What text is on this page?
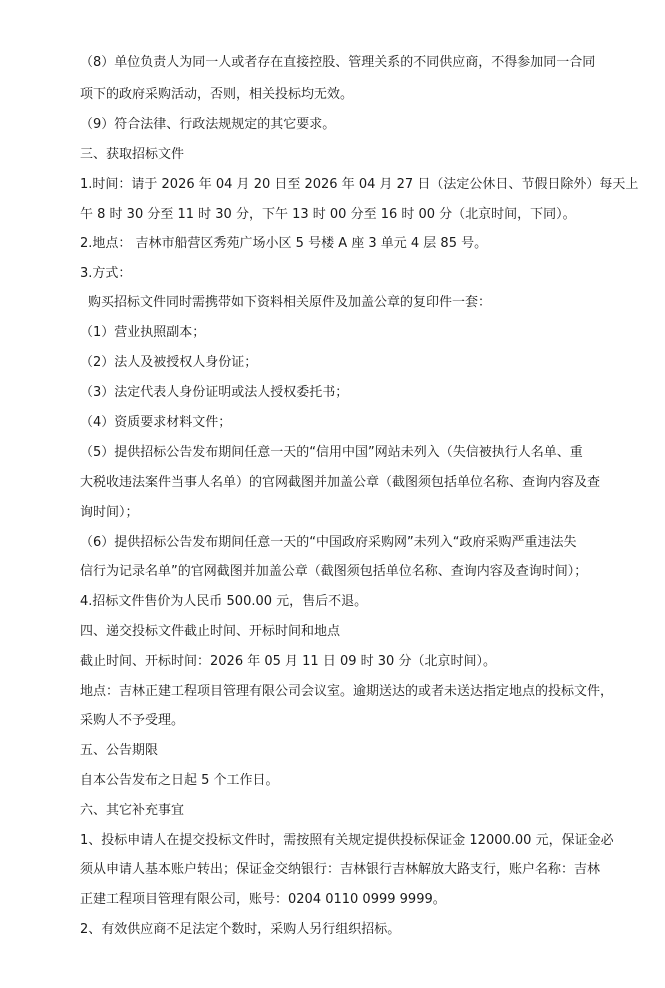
（8）单位负责人为同一人或者存在直接控股、管理关系的不同供应商，不得参加同一合同
项下的政府采购活动，否则，相关投标均无效。
（9）符合法律、行政法规规定的其它要求。
三、获取招标文件
1.时间：请于 2026 年 04 月 20 日至 2026 年 04 月 27 日（法定公休日、节假日除外）每天上
午 8 时 30 分至 11 时 30 分，下午 13 时 00 分至 16 时 00 分（北京时间，下同）。
2.地点： 吉林市船营区秀苑广场小区 5 号楼 A 座 3 单元 4 层 85 号。
3.方式：
购买招标文件同时需携带如下资料相关原件及加盖公章的复印件一套：
（1）营业执照副本；
（2）法人及被授权人身份证；
（3）法定代表人身份证明或法人授权委托书；
（4）资质要求材料文件；
（5）提供招标公告发布期间任意一天的“信用中国”网站未列入（失信被执行人名单、重
大税收违法案件当事人名单）的官网截图并加盖公章（截图须包括单位名称、查询内容及查
询时间）；
（6）提供招标公告发布期间任意一天的“中国政府采购网”未列入“政府采购严重违法失
信行为记录名单”的官网截图并加盖公章（截图须包括单位名称、查询内容及查询时间）；
4.招标文件售价为人民币 500.00 元，售后不退。
四、递交投标文件截止时间、开标时间和地点
截止时间、开标时间：2026 年 05 月 11 日 09 时 30 分（北京时间）。
地点：吉林正建工程项目管理有限公司会议室。逾期送达的或者未送达指定地点的投标文件，
采购人不予受理。
五、公告期限
自本公告发布之日起 5 个工作日。
六、其它补充事宜
1、投标申请人在提交投标文件时，需按照有关规定提供投标保证金 12000.00 元，保证金必
须从申请人基本账户转出；保证金交纳银行：吉林银行吉林解放大路支行，账户名称：吉林
正建工程项目管理有限公司，账号：0204 0110 0999 9999。
2、有效供应商不足法定个数时，采购人另行组织招标。
